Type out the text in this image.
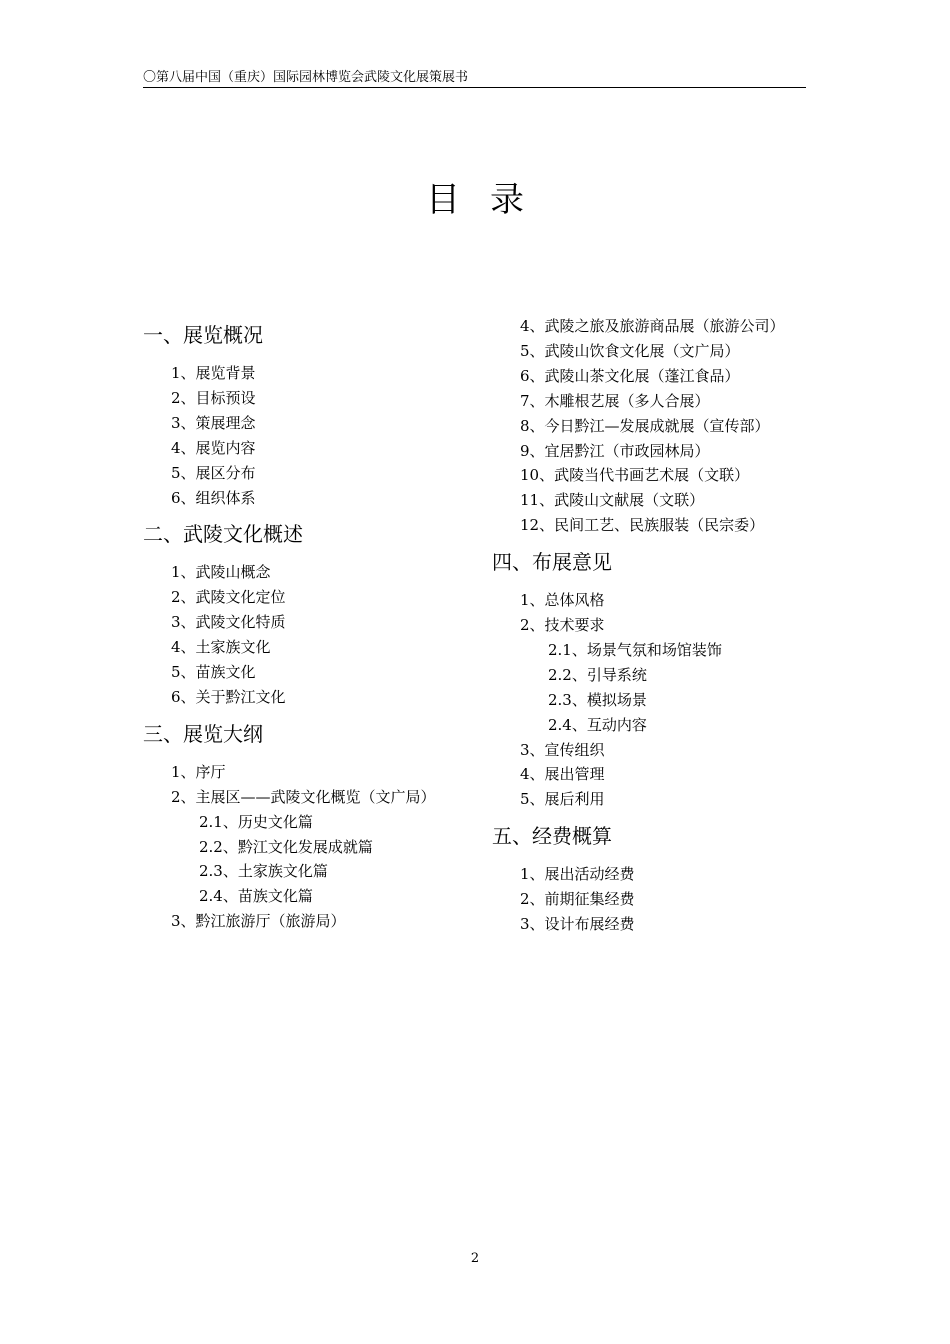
〇第八届中国（重庆）国际园林博览会武陵文化展策展书
目录
一、展览概况
1、展览背景
2、目标预设
3、策展理念
4、展览内容
5、展区分布
6、组织体系
二、武陵文化概述
1、武陵山概念
2、武陵文化定位
3、武陵文化特质
4、土家族文化
5、苗族文化
6、关于黔江文化
三、展览大纲
1、序厅
2、主展区——武陵文化概览（文广局）
2.1、历史文化篇
2.2、黔江文化发展成就篇
2.3、土家族文化篇
2.4、苗族文化篇
3、黔江旅游厅（旅游局）
4、武陵之旅及旅游商品展（旅游公司）
5、武陵山饮食文化展（文广局）
6、武陵山茶文化展（蓬江食品）
7、木雕根艺展（多人合展）
8、今日黔江—发展成就展（宣传部）
9、宜居黔江（市政园林局）
10、武陵当代书画艺术展（文联）
11、武陵山文献展（文联）
12、民间工艺、民族服装（民宗委）
四、布展意见
1、总体风格
2、技术要求
2.1、场景气氛和场馆装饰
2.2、引导系统
2.3、模拟场景
2.4、互动内容
3、宣传组织
4、展出管理
5、展后利用
五、经费概算
1、展出活动经费
2、前期征集经费
3、设计布展经费
2
